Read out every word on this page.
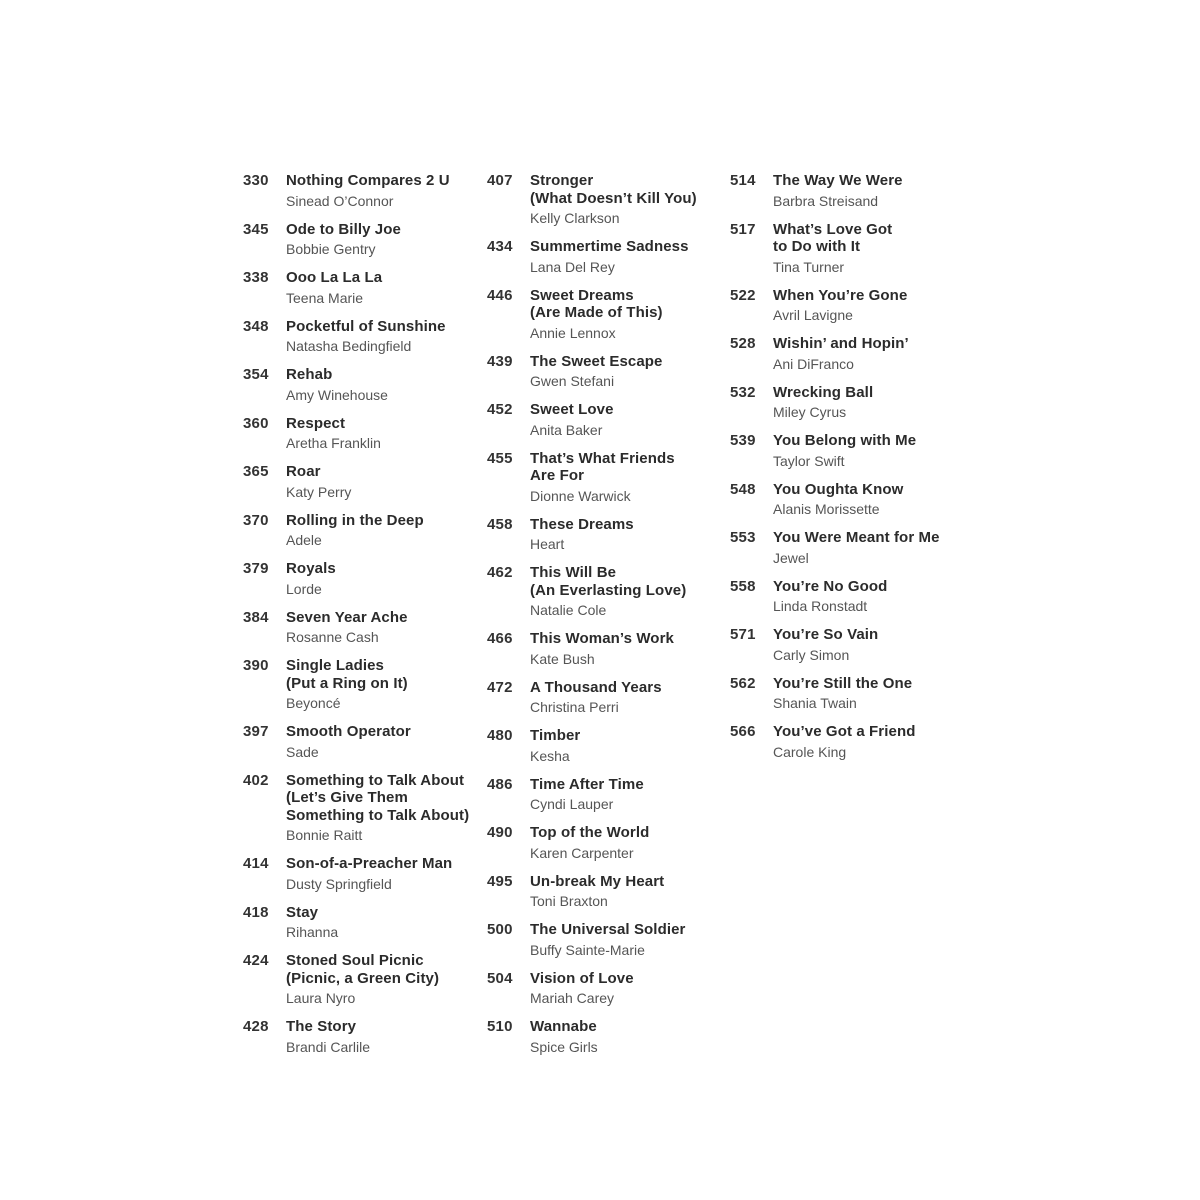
330	Nothing Compares 2 U
Sinead O’Connor
345	Ode to Billy Joe
Bobbie Gentry
338	Ooo La La La
Teena Marie
348	Pocketful of Sunshine
Natasha Bedingfield
354	Rehab
Amy Winehouse
360	Respect
Aretha Franklin
365	Roar
Katy Perry
370	Rolling in the Deep
Adele
379	Royals
Lorde
384	Seven Year Ache
Rosanne Cash
390	Single Ladies
(Put a Ring on It)
Beyoncé
397	Smooth Operator
Sade
402	Something to Talk About
(Let’s Give Them
Something to Talk About)
Bonnie Raitt
414	Son-of-a-Preacher Man
Dusty Springfield
418	Stay
Rihanna
424	Stoned Soul Picnic
(Picnic, a Green City)
Laura Nyro
428	The Story
Brandi Carlile
407	Stronger
(What Doesn’t Kill You)
Kelly Clarkson
434	Summertime Sadness
Lana Del Rey
446	Sweet Dreams
(Are Made of This)
Annie Lennox
439	The Sweet Escape
Gwen Stefani
452	Sweet Love
Anita Baker
455	That’s What Friends
Are For
Dionne Warwick
458	These Dreams
Heart
462	This Will Be
(An Everlasting Love)
Natalie Cole
466	This Woman’s Work
Kate Bush
472	A Thousand Years
Christina Perri
480	Timber
Kesha
486	Time After Time
Cyndi Lauper
490	Top of the World
Karen Carpenter
495	Un-break My Heart
Toni Braxton
500	The Universal Soldier
Buffy Sainte-Marie
504	Vision of Love
Mariah Carey
510	Wannabe
Spice Girls
514	The Way We Were
Barbra Streisand
517	What’s Love Got
to Do with It
Tina Turner
522	When You’re Gone
Avril Lavigne
528	Wishin’ and Hopin’
Ani DiFranco
532	Wrecking Ball
Miley Cyrus
539	You Belong with Me
Taylor Swift
548	You Oughta Know
Alanis Morissette
553	You Were Meant for Me
Jewel
558	You’re No Good
Linda Ronstadt
571	You’re So Vain
Carly Simon
562	You’re Still the One
Shania Twain
566	You’ve Got a Friend
Carole King
